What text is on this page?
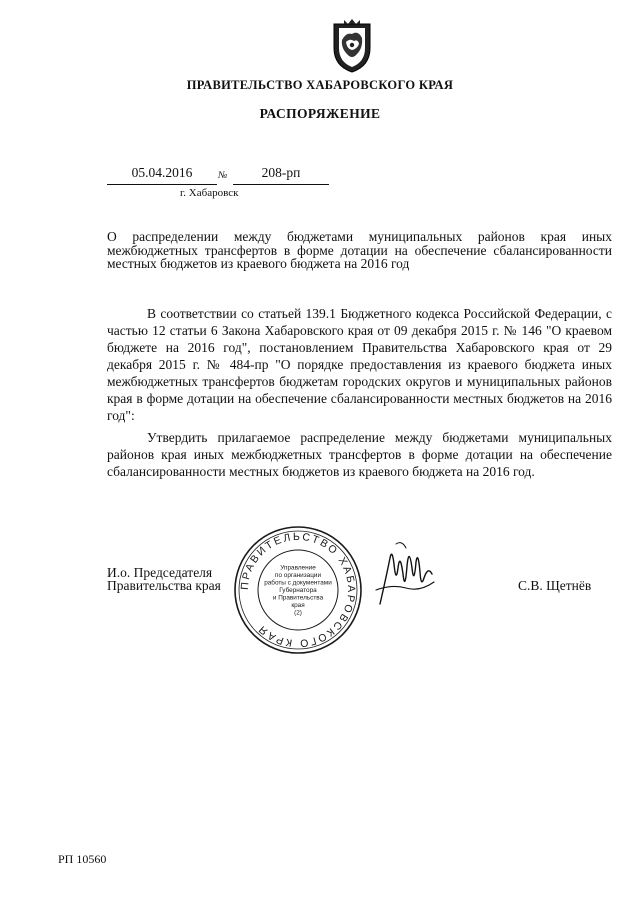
ПРАВИТЕЛЬСТВО ХАБАРОВСКОГО КРАЯ
РАСПОРЯЖЕНИЕ
05.04.2016	№	208-рп
г. Хабаровск
О распределении между бюджетами муниципальных районов края иных межбюджетных трансфертов в форме дотации на обеспечение сбалансированности местных бюджетов из краевого бюджета на 2016 год
В соответствии со статьей 139.1 Бюджетного кодекса Российской Федерации, с частью 12 статьи 6 Закона Хабаровского края от 09 декабря 2015 г. № 146 "О краевом бюджете на 2016 год", постановлением Правительства Хабаровского края от 29 декабря 2015 г. № 484-пр "О порядке предоставления из краевого бюджета иных межбюджетных трансфертов бюджетам городских округов и муниципальных районов края в форме дотации на обеспечение сбалансированности местных бюджетов на 2016 год":
Утвердить прилагаемое распределение между бюджетами муниципальных районов края иных межбюджетных трансфертов в форме дотации на обеспечение сбалансированности местных бюджетов из краевого бюджета на 2016 год.
И.о. Председателя
Правительства края ПРАВИТЕЛЬСТВО ХАБАРОВСКОГО КРАЯ
Управление
по организации
работы с документами
Губернатора
и Правительства
края
(2)
С.В. Щетнёв
РП 10560
